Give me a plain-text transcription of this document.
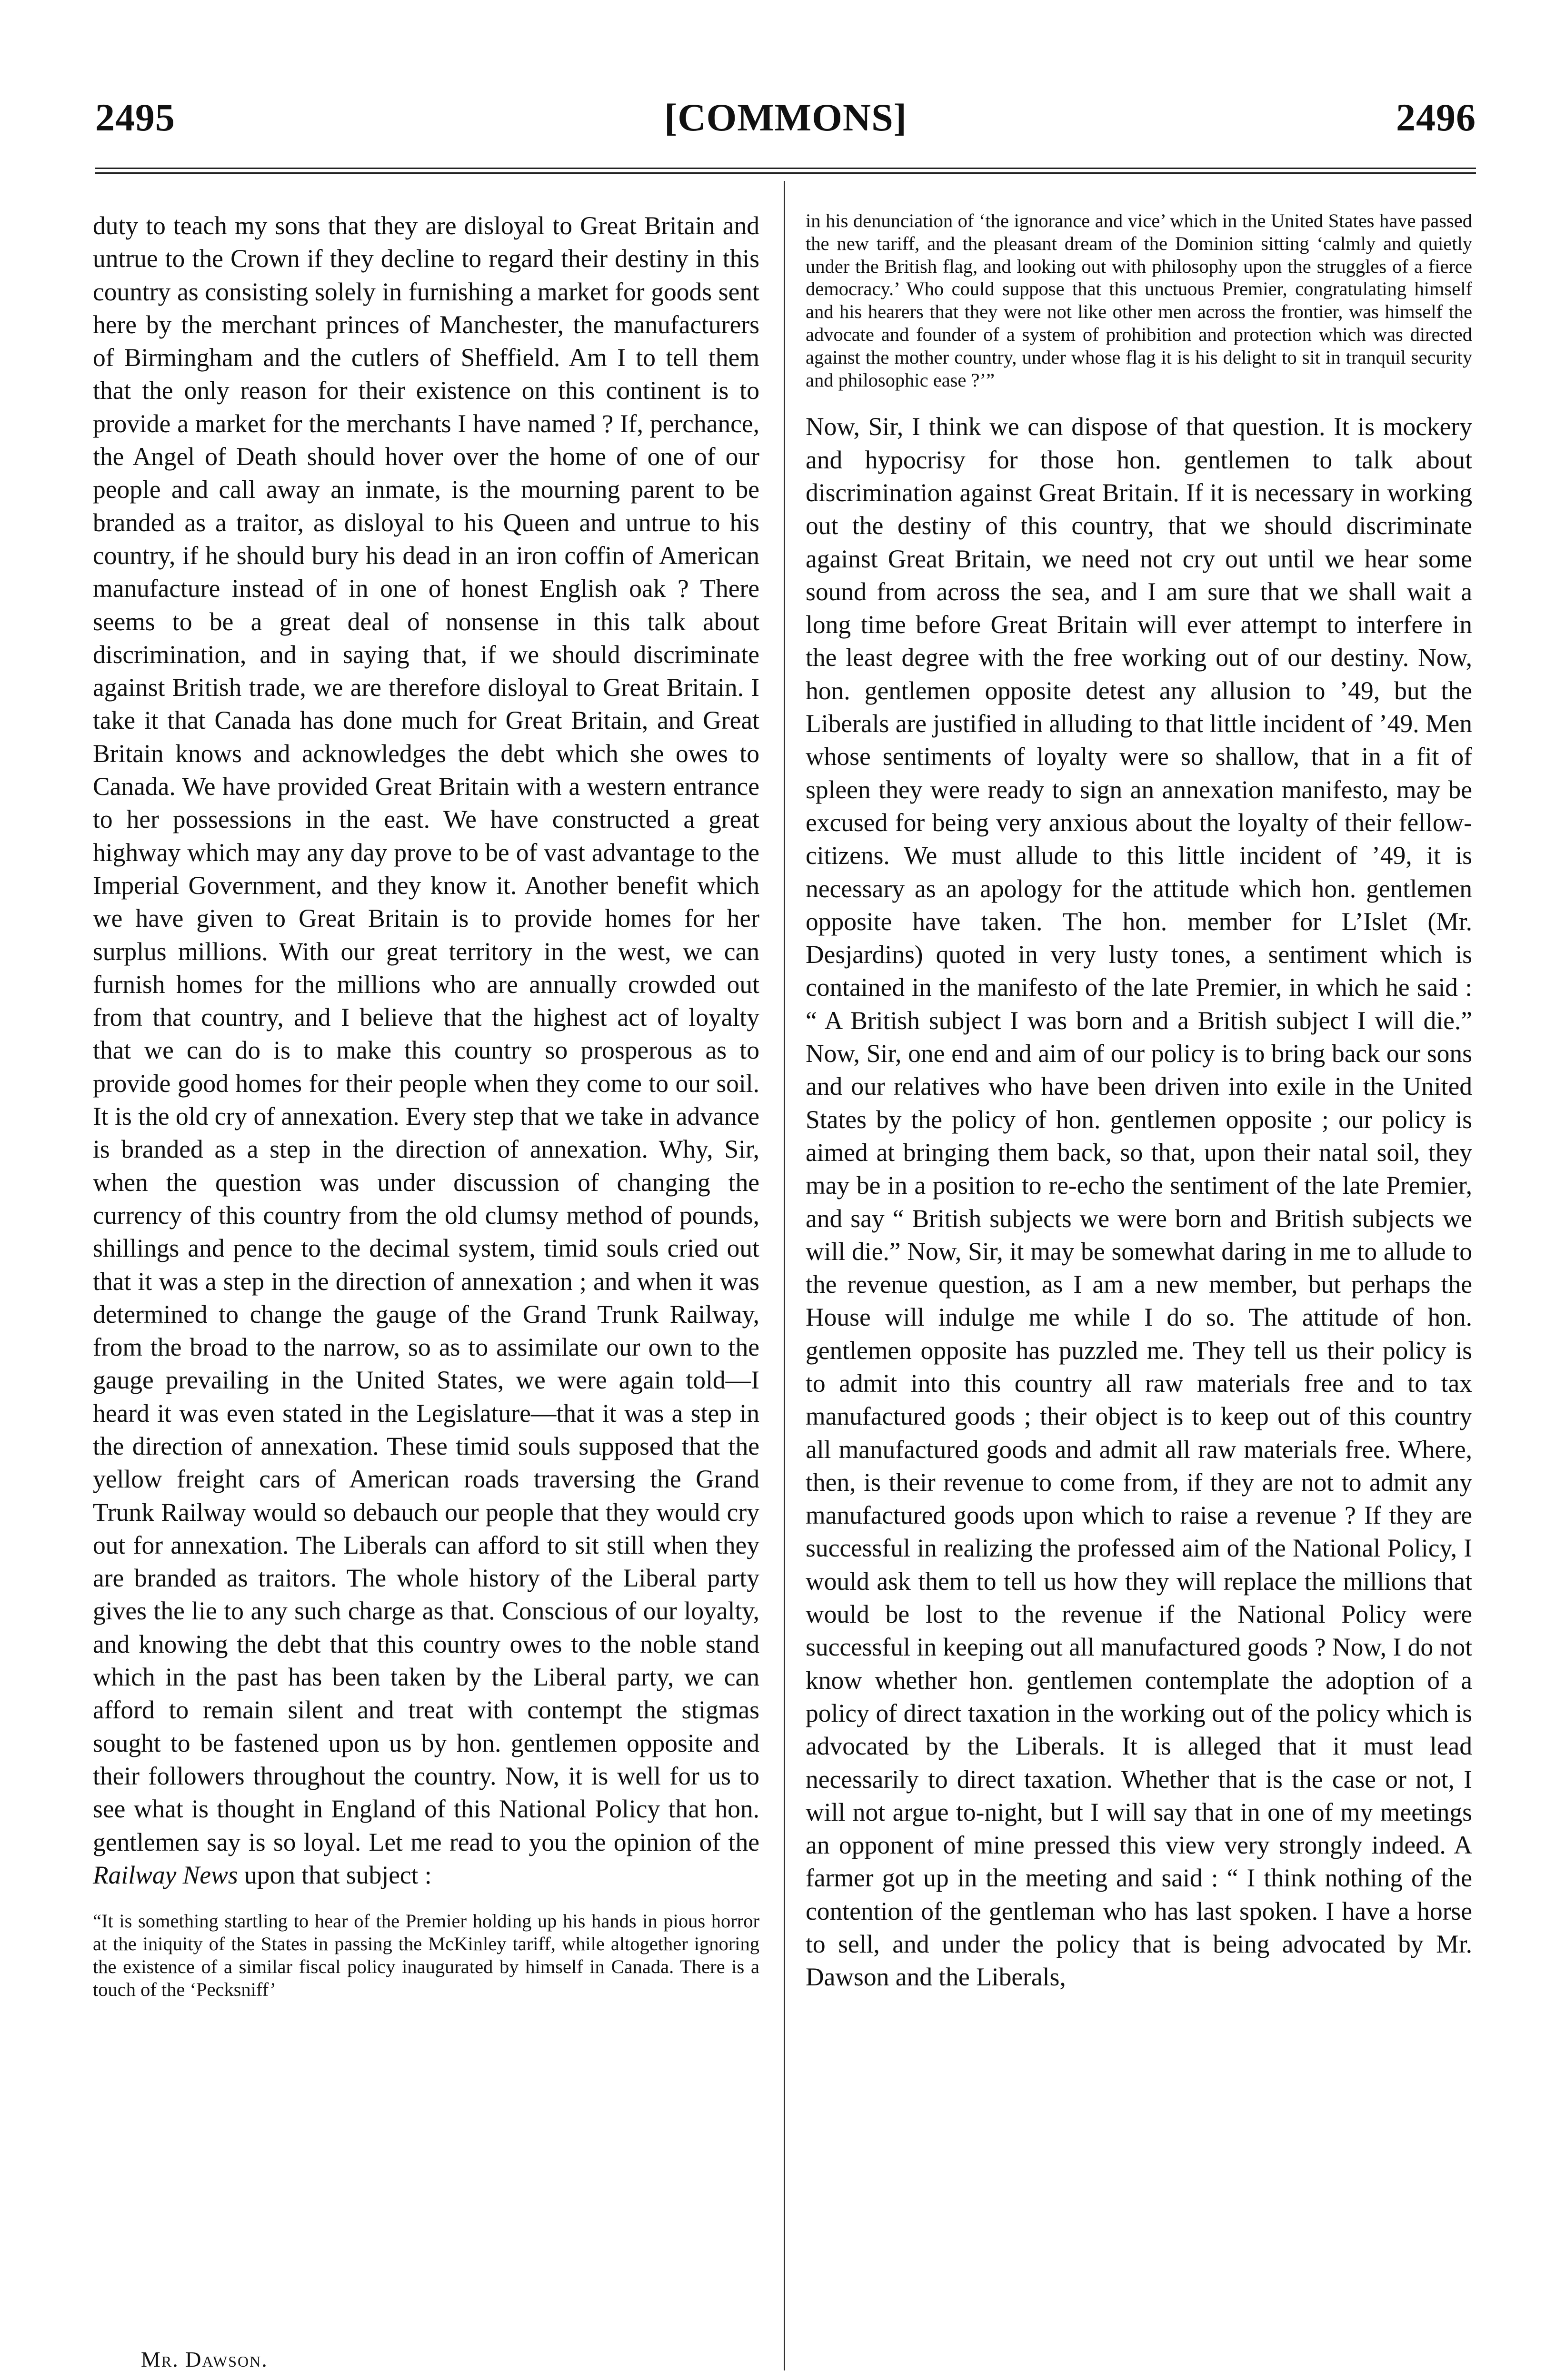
2495	[COMMONS]	2496

duty to teach my sons that they are disloyal to Great Britain and untrue to the Crown if they decline to regard their destiny in this country as consisting solely in furnishing a market for goods sent here by the merchant princes of Manchester, the manufacturers of Birmingham and the cutlers of Sheffield. Am I to tell them that the only reason for their existence on this continent is to provide a market for the merchants I have named ? If, perchance, the Angel of Death should hover over the home of one of our people and call away an inmate, is the mourning parent to be branded as a traitor, as disloyal to his Queen and untrue to his country, if he should bury his dead in an iron coffin of American manufacture instead of in one of honest English oak ? There seems to be a great deal of nonsense in this talk about discrimination, and in saying that, if we should discriminate against British trade, we are therefore disloyal to Great Britain. I take it that Canada has done much for Great Britain, and Great Britain knows and acknowledges the debt which she owes to Canada. We have provided Great Britain with a western entrance to her possessions in the east. We have constructed a great highway which may any day prove to be of vast advantage to the Imperial Government, and they know it. Another benefit which we have given to Great Britain is to provide homes for her surplus millions. With our great territory in the west, we can furnish homes for the millions who are annually crowded out from that country, and I believe that the highest act of loyalty that we can do is to make this country so prosperous as to provide good homes for their people when they come to our soil. It is the old cry of annexation. Every step that we take in advance is branded as a step in the direction of annexation. Why, Sir, when the question was under discussion of changing the currency of this country from the old clumsy method of pounds, shillings and pence to the decimal system, timid souls cried out that it was a step in the direction of annexation ; and when it was determined to change the gauge of the Grand Trunk Railway, from the broad to the narrow, so as to assimilate our own to the gauge prevailing in the United States, we were again told—I heard it was even stated in the Legislature—that it was a step in the direction of annexation. These timid souls supposed that the yellow freight cars of American roads traversing the Grand Trunk Railway would so debauch our people that they would cry out for annexation. The Liberals can afford to sit still when they are branded as traitors. The whole history of the Liberal party gives the lie to any such charge as that. Conscious of our loyalty, and knowing the debt that this country owes to the noble stand which in the past has been taken by the Liberal party, we can afford to remain silent and treat with contempt the stigmas sought to be fastened upon us by hon. gentlemen opposite and their followers throughout the country. Now, it is well for us to see what is thought in England of this National Policy that hon. gentlemen say is so loyal. Let me read to you the opinion of the Railway News upon that subject :

“It is something startling to hear of the Premier holding up his hands in pious horror at the iniquity of the States in passing the McKinley tariff, while altogether ignoring the existence of a similar fiscal policy inaugurated by himself in Canada. There is a touch of the ‘Pecksniff’

Mr. Dawson.

in his denunciation of ‘the ignorance and vice’ which in the United States have passed the new tariff, and the pleasant dream of the Dominion sitting ‘calmly and quietly under the British flag, and looking out with philosophy upon the struggles of a fierce democracy.’ Who could suppose that this unctuous Premier, congratulating himself and his hearers that they were not like other men across the frontier, was himself the advocate and founder of a system of prohibition and protection which was directed against the mother country, under whose flag it is his delight to sit in tranquil security and philosophic ease ?’”

Now, Sir, I think we can dispose of that question. It is mockery and hypocrisy for those hon. gentlemen to talk about discrimination against Great Britain. If it is necessary in working out the destiny of this country, that we should discriminate against Great Britain, we need not cry out until we hear some sound from across the sea, and I am sure that we shall wait a long time before Great Britain will ever attempt to interfere in the least degree with the free working out of our destiny. Now, hon. gentlemen opposite detest any allusion to ’49, but the Liberals are justified in alluding to that little incident of ’49. Men whose sentiments of loyalty were so shallow, that in a fit of spleen they were ready to sign an annexation manifesto, may be excused for being very anxious about the loyalty of their fellow-citizens. We must allude to this little incident of ’49, it is necessary as an apology for the attitude which hon. gentlemen opposite have taken. The hon. member for L’Islet (Mr. Desjardins) quoted in very lusty tones, a sentiment which is contained in the manifesto of the late Premier, in which he said : “ A British subject I was born and a British subject I will die.” Now, Sir, one end and aim of our policy is to bring back our sons and our relatives who have been driven into exile in the United States by the policy of hon. gentlemen opposite ; our policy is aimed at bringing them back, so that, upon their natal soil, they may be in a position to re-echo the sentiment of the late Premier, and say “ British subjects we were born and British subjects we will die.” Now, Sir, it may be somewhat daring in me to allude to the revenue question, as I am a new member, but perhaps the House will indulge me while I do so. The attitude of hon. gentlemen opposite has puzzled me. They tell us their policy is to admit into this country all raw materials free and to tax manufactured goods ; their object is to keep out of this country all manufactured goods and admit all raw materials free. Where, then, is their revenue to come from, if they are not to admit any manufactured goods upon which to raise a revenue ? If they are successful in realizing the professed aim of the National Policy, I would ask them to tell us how they will replace the millions that would be lost to the revenue if the National Policy were successful in keeping out all manufactured goods ? Now, I do not know whether hon. gentlemen contemplate the adoption of a policy of direct taxation in the working out of the policy which is advocated by the Liberals. It is alleged that it must lead necessarily to direct taxation. Whether that is the case or not, I will not argue to-night, but I will say that in one of my meetings an opponent of mine pressed this view very strongly indeed. A farmer got up in the meeting and said : “ I think nothing of the contention of the gentleman who has last spoken. I have a horse to sell, and under the policy that is being advocated by Mr. Dawson and the Liberals,
